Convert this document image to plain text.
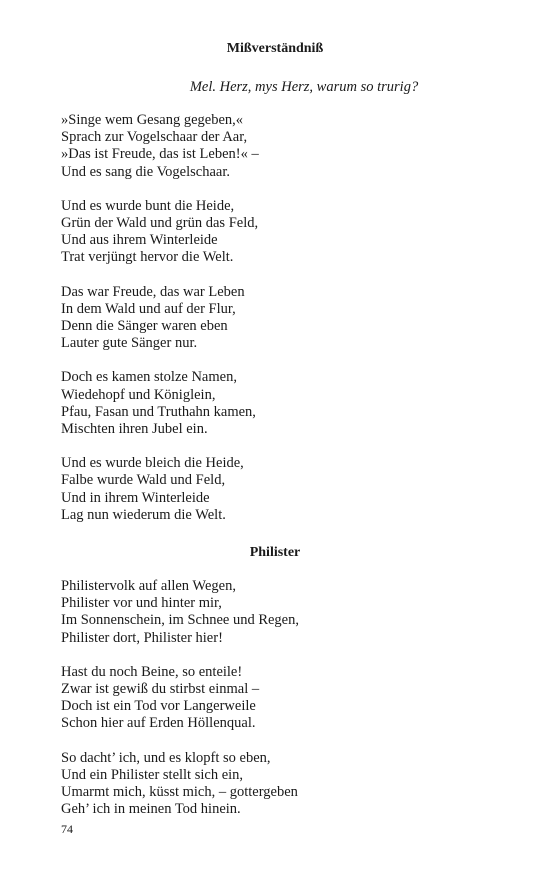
Mißverständniß
Mel. Herz, mys Herz, warum so trurig?
»Singe wem Gesang gegeben,«
Sprach zur Vogelschaar der Aar,
»Das ist Freude, das ist Leben!« –
Und es sang die Vogelschaar.
Und es wurde bunt die Heide,
Grün der Wald und grün das Feld,
Und aus ihrem Winterleide
Trat verjüngt hervor die Welt.
Das war Freude, das war Leben
In dem Wald und auf der Flur,
Denn die Sänger waren eben
Lauter gute Sänger nur.
Doch es kamen stolze Namen,
Wiedehopf und Königlein,
Pfau, Fasan und Truthahn kamen,
Mischten ihren Jubel ein.
Und es wurde bleich die Heide,
Falbe wurde Wald und Feld,
Und in ihrem Winterleide
Lag nun wiederum die Welt.
Philister
Philistervolk auf allen Wegen,
Philister vor und hinter mir,
Im Sonnenschein, im Schnee und Regen,
Philister dort, Philister hier!
Hast du noch Beine, so enteile!
Zwar ist gewiß du stirbst einmal –
Doch ist ein Tod vor Langerweile
Schon hier auf Erden Höllenqual.
So dacht’ ich, und es klopft so eben,
Und ein Philister stellt sich ein,
Umarmt mich, küsst mich, – gottergeben
Geh’ ich in meinen Tod hinein.
74
